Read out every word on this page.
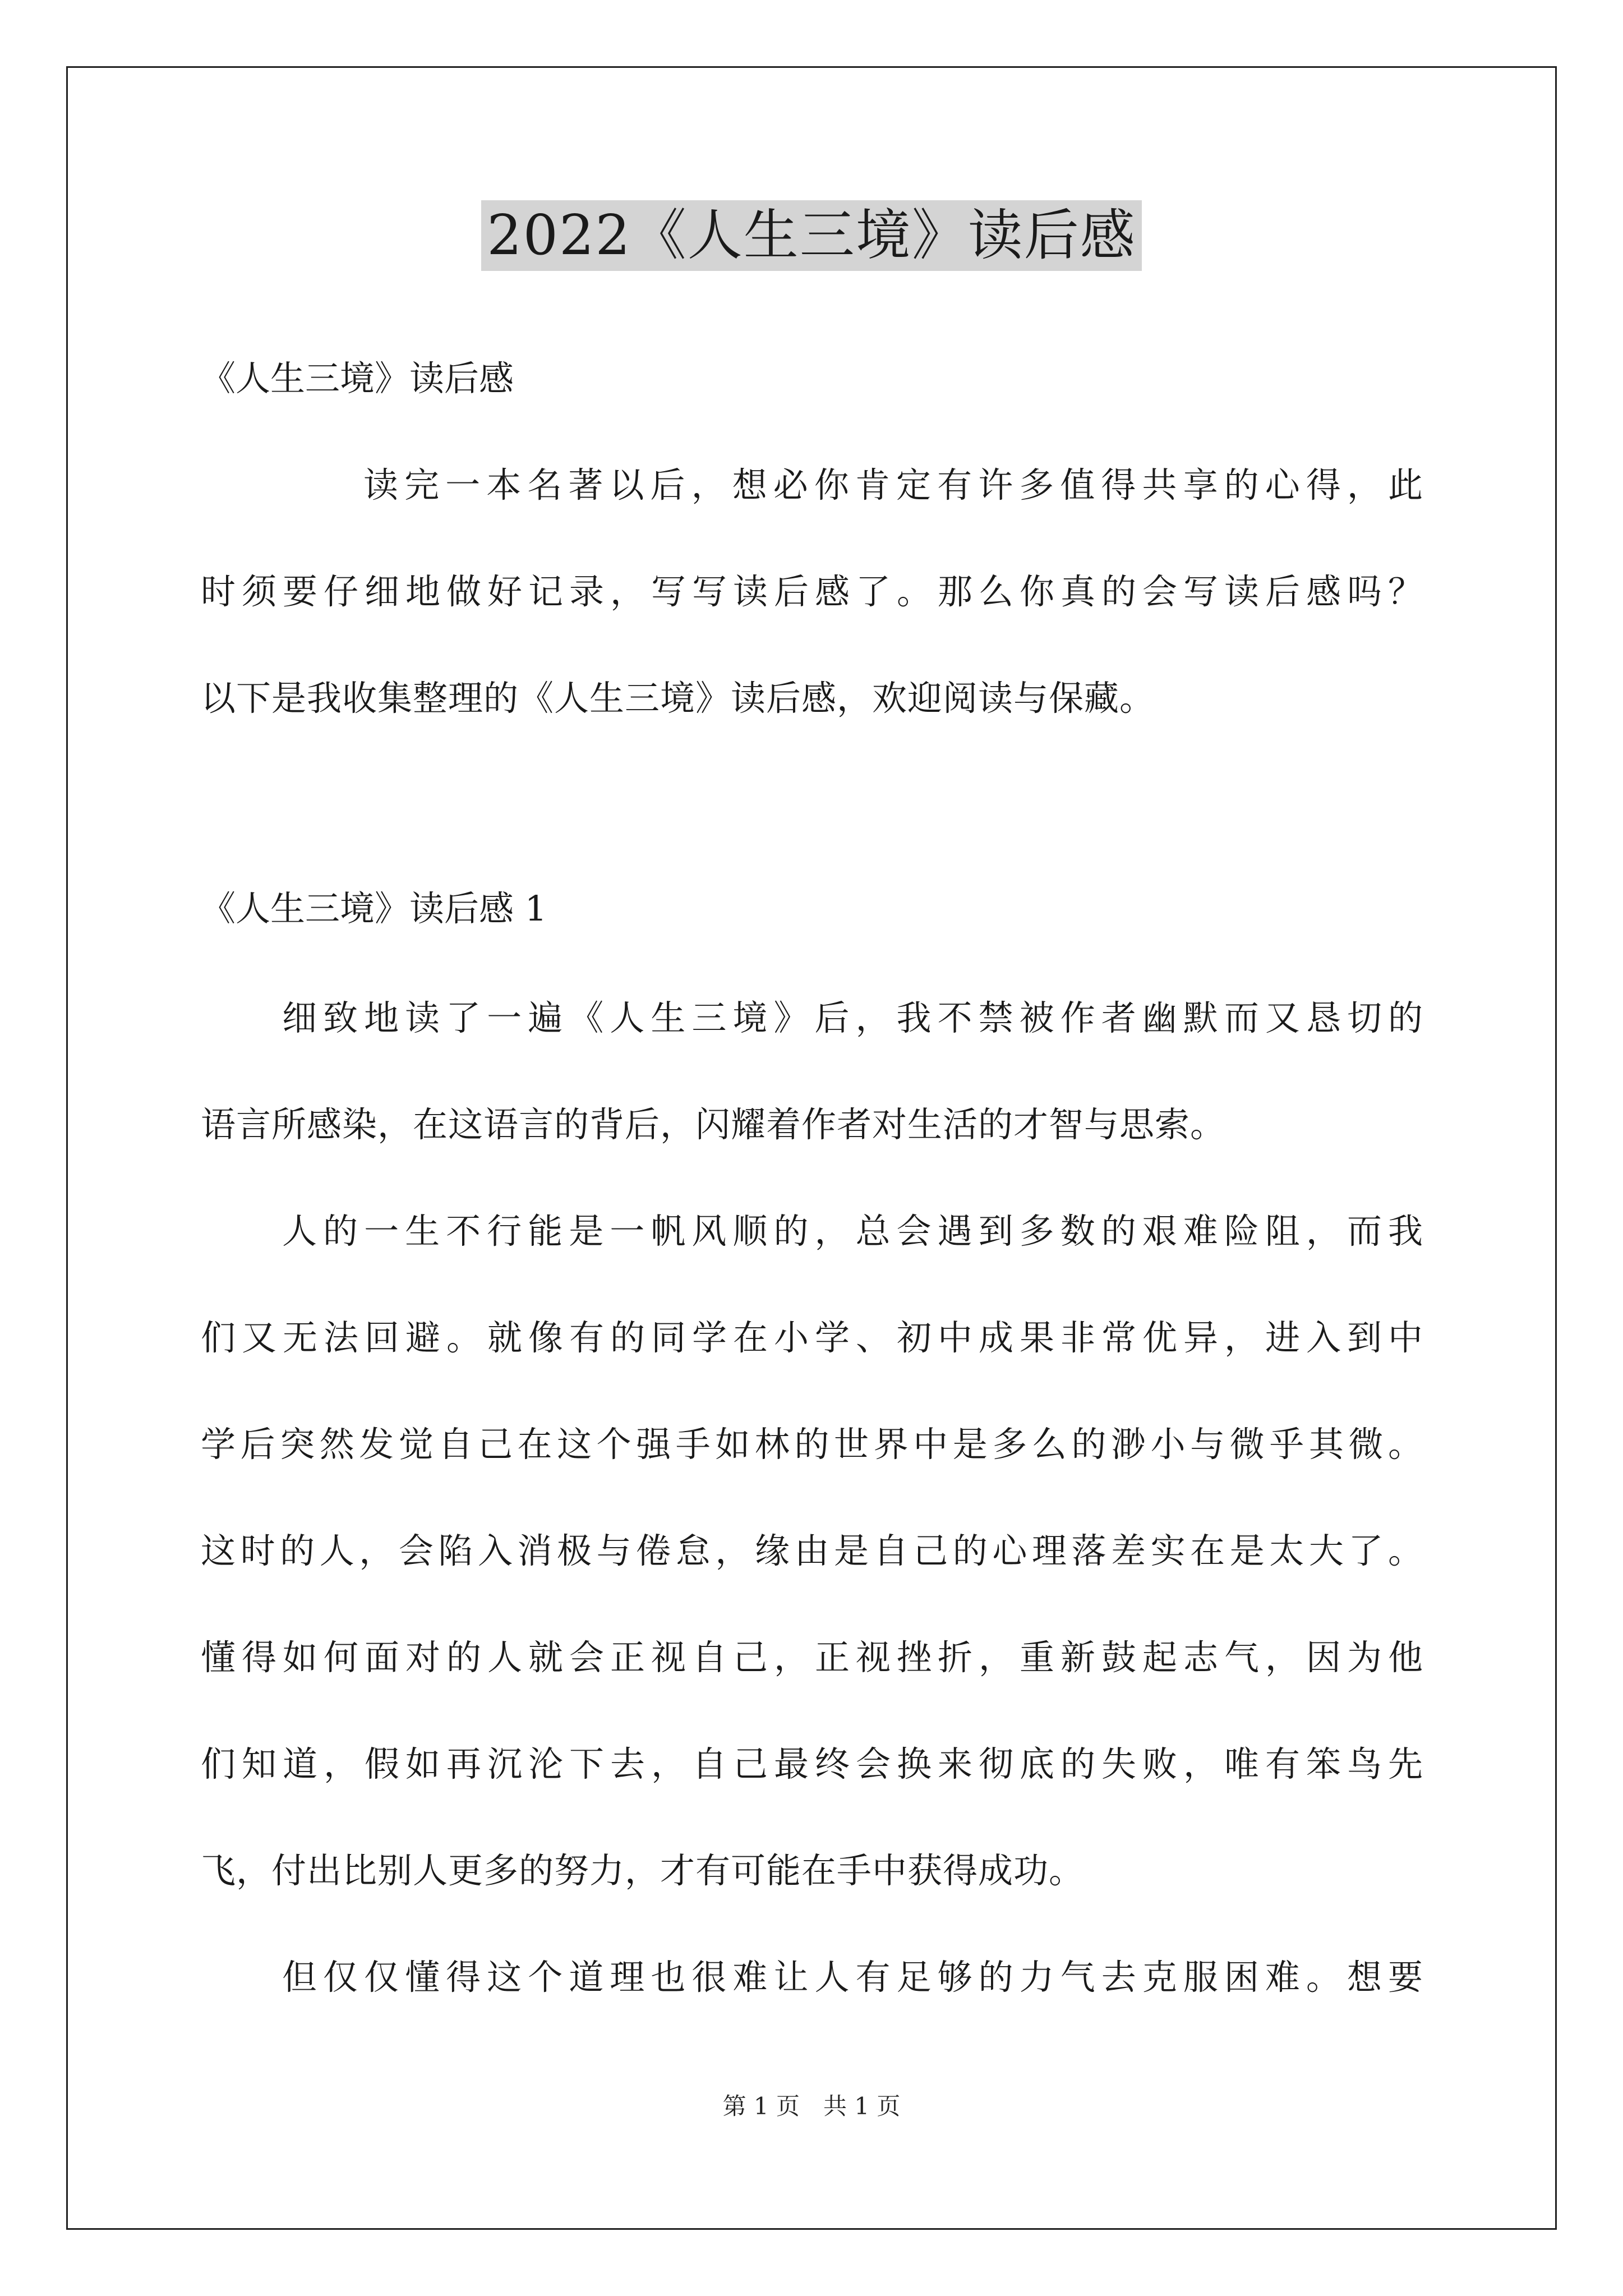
2022《人生三境》读后感
《人生三境》读后感
读完一本名著以后，想必你肯定有许多值得共享的心得，此
时须要仔细地做好记录，写写读后感了。那么你真的会写读后感吗？
以下是我收集整理的《人生三境》读后感，欢迎阅读与保藏。
《人生三境》读后感 1
细致地读了一遍《人生三境》后，我不禁被作者幽默而又恳切的
语言所感染，在这语言的背后，闪耀着作者对生活的才智与思索。
人的一生不行能是一帆风顺的，总会遇到多数的艰难险阻，而我
们又无法回避。就像有的同学在小学、初中成果非常优异，进入到中
学后突然发觉自己在这个强手如林的世界中是多么的渺小与微乎其微。
这时的人，会陷入消极与倦怠，缘由是自己的心理落差实在是太大了。
懂得如何面对的人就会正视自己，正视挫折，重新鼓起志气，因为他
们知道，假如再沉沦下去，自己最终会换来彻底的失败，唯有笨鸟先
飞，付出比别人更多的努力，才有可能在手中获得成功。
但仅仅懂得这个道理也很难让人有足够的力气去克服困难。想要
第 1 页　共 1 页
